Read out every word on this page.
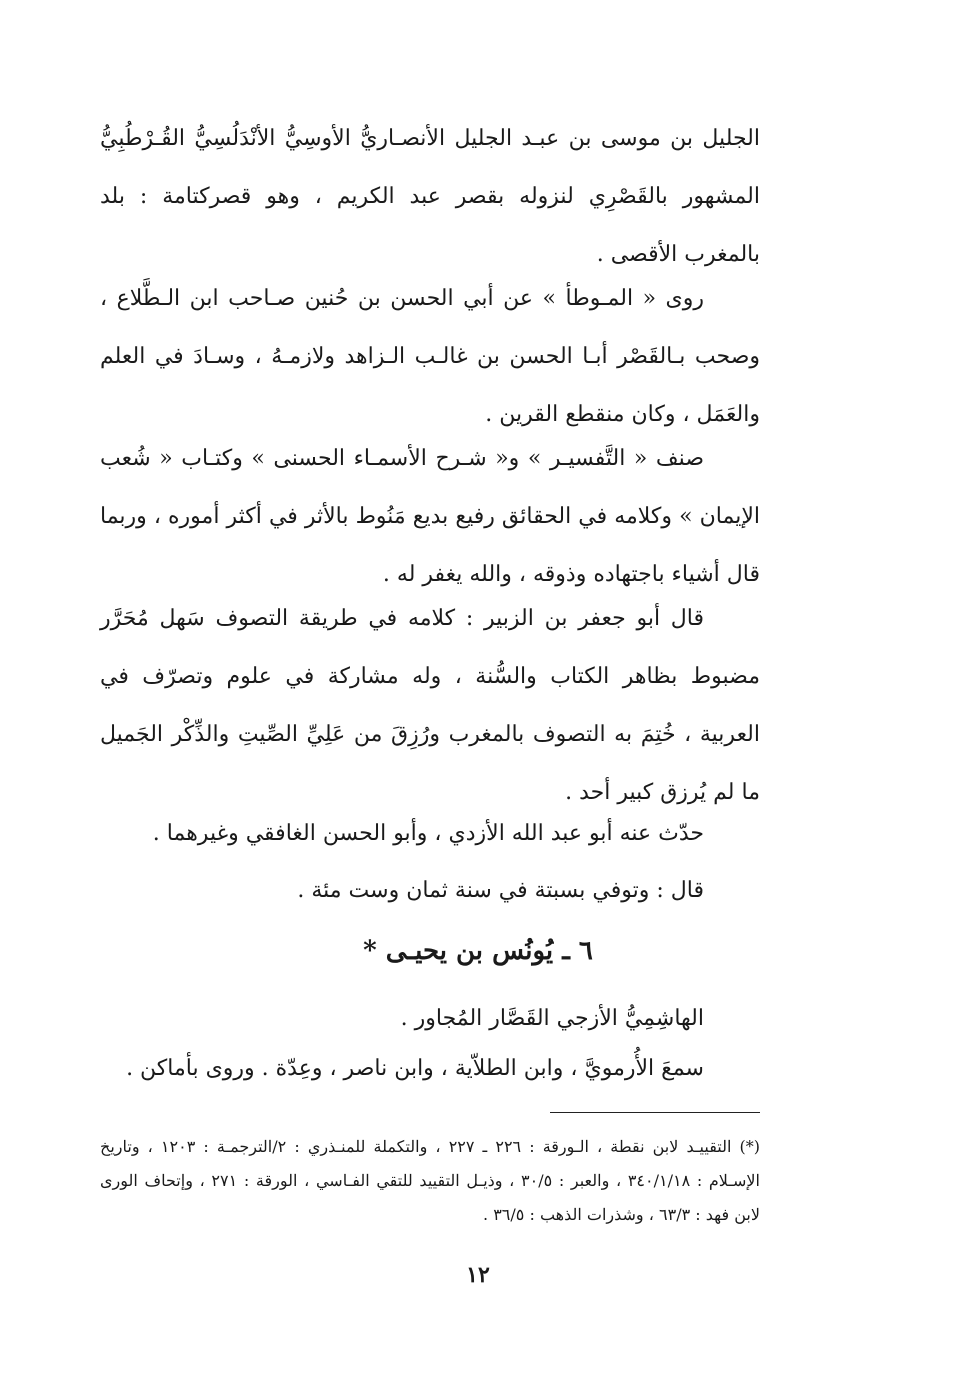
الجليل بن موسى بن عبـد الجليل الأنصـاريُّ الأوسِيُّ الأنْدَلُسِيُّ القُـرْطُبِيُّ المشهور بالقَصْرِي لنزوله بقصر عبد الكريم ، وهو قصركتامة : بلد بالمغرب الأقصى .

روى « المـوطأ » عن أبي الحسن بن حُنين صـاحب ابن الـطَّلاع ، وصحب بـالقَصْر أبـا الحسن بن غالـب الـزاهد ولازمـهُ ، وسـادَ في العلم والعَمَل ، وكان منقطع القرين .

صنف « التَّفسيـر » و« شـرح الأسمـاء الحسنى » وكتـاب « شُعب الإيمان » وكلامه في الحقائق رفيع بديع مَنُوط بالأثر في أكثر أموره ، وربما قال أشياء باجتهاده وذوقه ، والله يغفر له .

قال أبو جعفر بن الزبير : كلامه في طريقة التصوف سَهل مُحَرَّر مضبوط بظاهر الكتاب والسُّنة ، وله مشاركة في علوم وتصرّف في العربية ، خُتِمَ به التصوف بالمغرب ورُزِقَ من عَلِيِّ الصِّيتِ والذِّكْر الجَميل ما لم يُرزق كبير أحد .

حدّث عنه أبو عبد الله الأزدي ، وأبو الحسن الغافقي وغيرهما .

قال : وتوفي بسبتة في سنة ثمان وست مئة .

٦ ـ يُونُس بن يحيـى *

الهاشِمِيُّ الأزجي القَصَّار المُجاور .

سمعَ الأُرمويَّ ، وابن الطلاّية ، وابن ناصر ، وعِدّة . وروى بأماكن .

(*) التقييـد لابن نقطة ، الـورقة : ٢٢٦ ـ ٢٢٧ ، والتكملة للمنـذري : ٢/الترجمـة : ١٢٠٣ ، وتاريخ الإسـلام : ٣٤٠/١/١٨ ، والعبر : ٣٠/٥ ، وذيـل التقييد للتقي الفـاسي ، الورقة : ٢٧١ ، وإتحاف الورى لابن فهد : ٦٣/٣ ، وشذرات الذهب : ٣٦/٥ .

١٢
